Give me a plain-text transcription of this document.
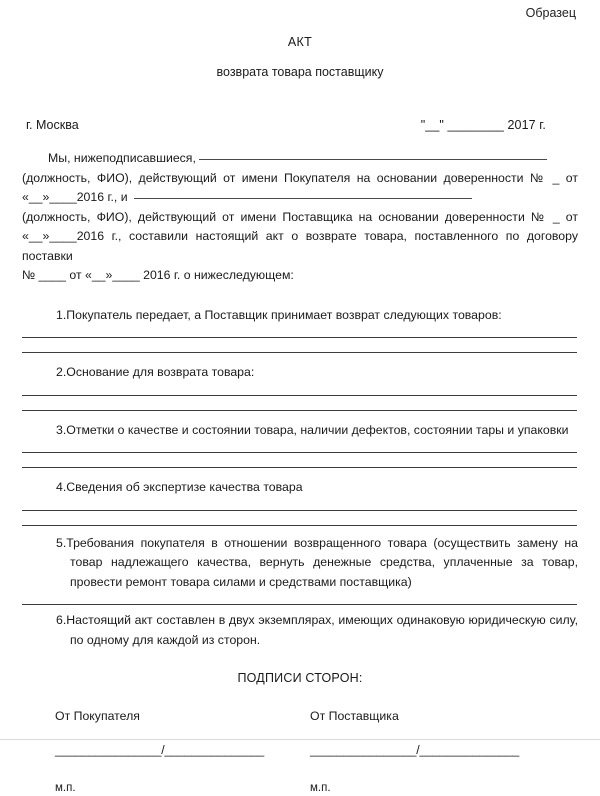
Образец
АКТ
возврата товара поставщику
г. Москва	"__" ________ 2017 г.
Мы, нижеподписавшиеся,
(должность, ФИО), действующий от имени Покупателя на основании доверенности № _ от
«__»____2016 г., и
(должность, ФИО), действующий от имени Поставщика на основании доверенности № _ от
«__»____2016 г., составили настоящий акт о возврате товара, поставленного по договору поставки
№ ____ от «__»____ 2016 г. о нижеследующем:

1.Покупатель передает, а Поставщик принимает возврат следующих товаров:

2.Основание для возврата товара:

3.Отметки о качестве и состоянии товара, наличии дефектов, состоянии тары и упаковки

4.Сведения об экспертизе качества товара

5.Требования покупателя в отношении возвращенного товара (осуществить замену на товар надлежащего качества, вернуть денежные средства, уплаченные за товар, провести ремонт товара силами и средствами поставщика)

6.Настоящий акт составлен в двух экземплярах, имеющих одинаковую юридическую силу, по одному для каждой из сторон.

ПОДПИСИ СТОРОН:
От Покупателя
________________/_______________
м.п.
От Поставщика
________________/_______________
м.п.
